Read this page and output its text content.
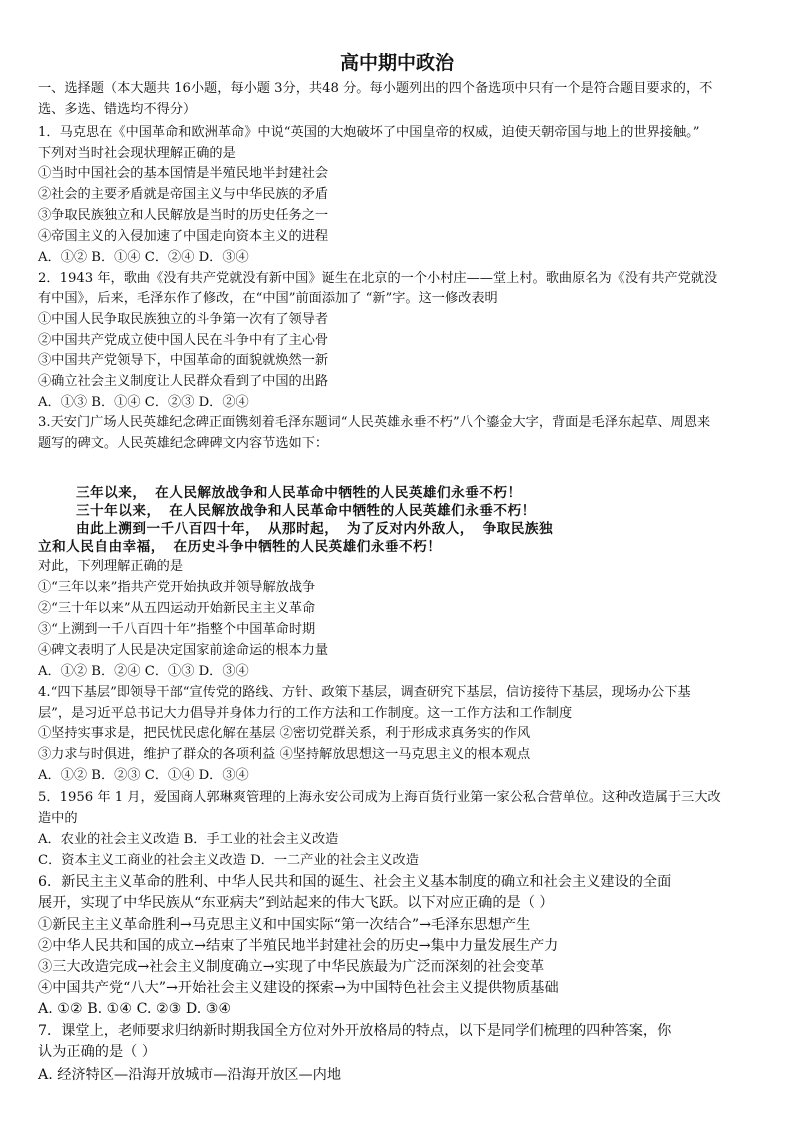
高中期中政治
一、选择题（本大题共 16小题，每小题 3分，共48 分。每小题列出的四个备选项中只有一个是符合题目要求的，不
选、多选、错选均不得分）
1．马克思在《中国革命和欧洲革命》中说“英国的大炮破坏了中国皇帝的权威，迫使天朝帝国与地上的世界接触。”
下列对当时社会现状理解正确的是
①当时中国社会的基本国情是半殖民地半封建社会
②社会的主要矛盾就是帝国主义与中华民族的矛盾
③争取民族独立和人民解放是当时的历史任务之一
④帝国主义的入侵加速了中国走向资本主义的进程
A．①② B．①④ C．②④ D．③④
2．1943 年，歌曲《没有共产党就没有新中国》诞生在北京的一个小村庄——堂上村。歌曲原名为《没有共产党就没
有中国》，后来，毛泽东作了修改，在“中国”前面添加了 “新”字。这一修改表明
①中国人民争取民族独立的斗争第一次有了领导者
②中国共产党成立使中国人民在斗争中有了主心骨
③中国共产党领导下，中国革命的面貌就焕然一新
④确立社会主义制度让人民群众看到了中国的出路
A．①③ B．①④ C．②③ D．②④
3.天安门广场人民英雄纪念碑正面镌刻着毛泽东题词“人民英雄永垂不朽”八个鎏金大字，背面是毛泽东起草、周恩来
题写的碑文。人民英雄纪念碑碑文内容节选如下：
三年以来， 在人民解放战争和人民革命中牺牲的人民英雄们永垂不朽！
三十年以来， 在人民解放战争和人民革命中牺牲的人民英雄们永垂不朽！
由此上溯到一千八百四十年， 从那时起， 为了反对内外敌人， 争取民族独
立和人民自由幸福， 在历史斗争中牺牲的人民英雄们永垂不朽！
对此，下列理解正确的是
①“三年以来”指共产党开始执政并领导解放战争
②“三十年以来”从五四运动开始新民主主义革命
③“上溯到一千八百四十年”指整个中国革命时期
④碑文表明了人民是决定国家前途命运的根本力量
A．①② B．②④ C．①③ D．③④
4.“四下基层”即领导干部“宣传党的路线、方针、政策下基层，调查研究下基层，信访接待下基层，现场办公下基
层”，是习近平总书记大力倡导并身体力行的工作方法和工作制度。这一工作方法和工作制度
①坚持实事求是，把民忧民虑化解在基层 ②密切党群关系，利于形成求真务实的作风
③力求与时俱进，维护了群众的各项利益 ④坚持解放思想这一马克思主义的根本观点
A．①② B．②③ C．①④ D．③④
5．1956 年 1 月，爱国商人郭琳爽管理的上海永安公司成为上海百货行业第一家公私合营单位。这种改造属于三大改
造中的
A．农业的社会主义改造 B．手工业的社会主义改造
C．资本主义工商业的社会主义改造 D．一二产业的社会主义改造
6．新民主主义革命的胜利、中华人民共和国的诞生、社会主义基本制度的确立和社会主义建设的全面
展开，实现了中华民族从“东亚病夫”到站起来的伟大飞跃。以下对应正确的是（ ）
①新民主主义革命胜利→马克思主义和中国实际“第一次结合”→毛泽东思想产生
②中华人民共和国的成立→结束了半殖民地半封建社会的历史→集中力量发展生产力
③三大改造完成→社会主义制度确立→实现了中华民族最为广泛而深刻的社会变革
④中国共产党“八大”→开始社会主义建设的探索→为中国特色社会主义提供物质基础
A. ①② B. ①④ C. ②③ D. ③④
7．课堂上，老师要求归纳新时期我国全方位对外开放格局的特点，以下是同学们梳理的四种答案，你
认为正确的是（ ）
A. 经济特区—沿海开放城市—沿海开放区—内地
